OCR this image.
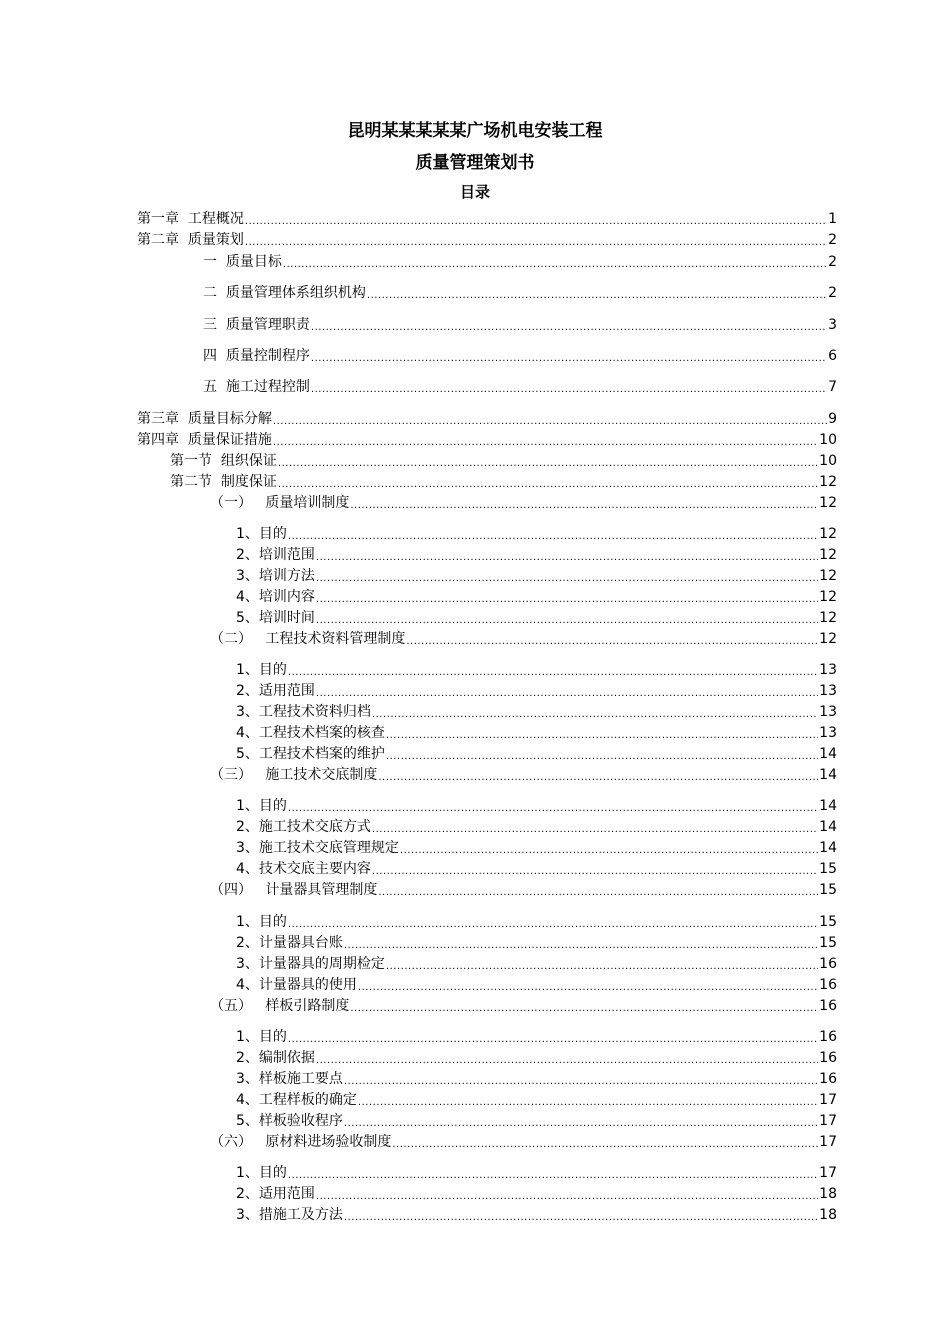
昆明某某某某某广场机电安装工程
质量管理策划书
目录
第一章  工程概况 .....	1
第二章  质量策划 .....	2
一  质量目标 .....	2
二  质量管理体系组织机构 .....	2
三  质量管理职责 .....	3
四  质量控制程序 .....	6
五  施工过程控制 .....	7
第三章  质量目标分解 .....	9
第四章  质量保证措施 .....	10
第一节  组织保证 .....	10
第二节  制度保证 .....	12
（一）   质量培训制度 .....	12
1、目的 .....	12
2、培训范围 .....	12
3、培训方法 .....	12
4、培训内容 .....	12
5、培训时间 .....	12
（二）   工程技术资料管理制度 .....	12
1、目的 .....	13
2、适用范围 .....	13
3、工程技术资料归档 .....	13
4、工程技术档案的核查 .....	13
5、工程技术档案的维护 .....	14
（三）   施工技术交底制度 .....	14
1、目的 .....	14
2、施工技术交底方式 .....	14
3、施工技术交底管理规定 .....	14
4、技术交底主要内容 .....	15
（四）   计量器具管理制度 .....	15
1、目的 .....	15
2、计量器具台账 .....	15
3、计量器具的周期检定 .....	16
4、计量器具的使用 .....	16
（五）   样板引路制度 .....	16
1、目的 .....	16
2、编制依据 .....	16
3、样板施工要点 .....	16
4、工程样板的确定 .....	17
5、样板验收程序 .....	17
（六）   原材料进场验收制度 .....	17
1、目的 .....	17
2、适用范围 .....	18
3、措施工及方法 .....	18
